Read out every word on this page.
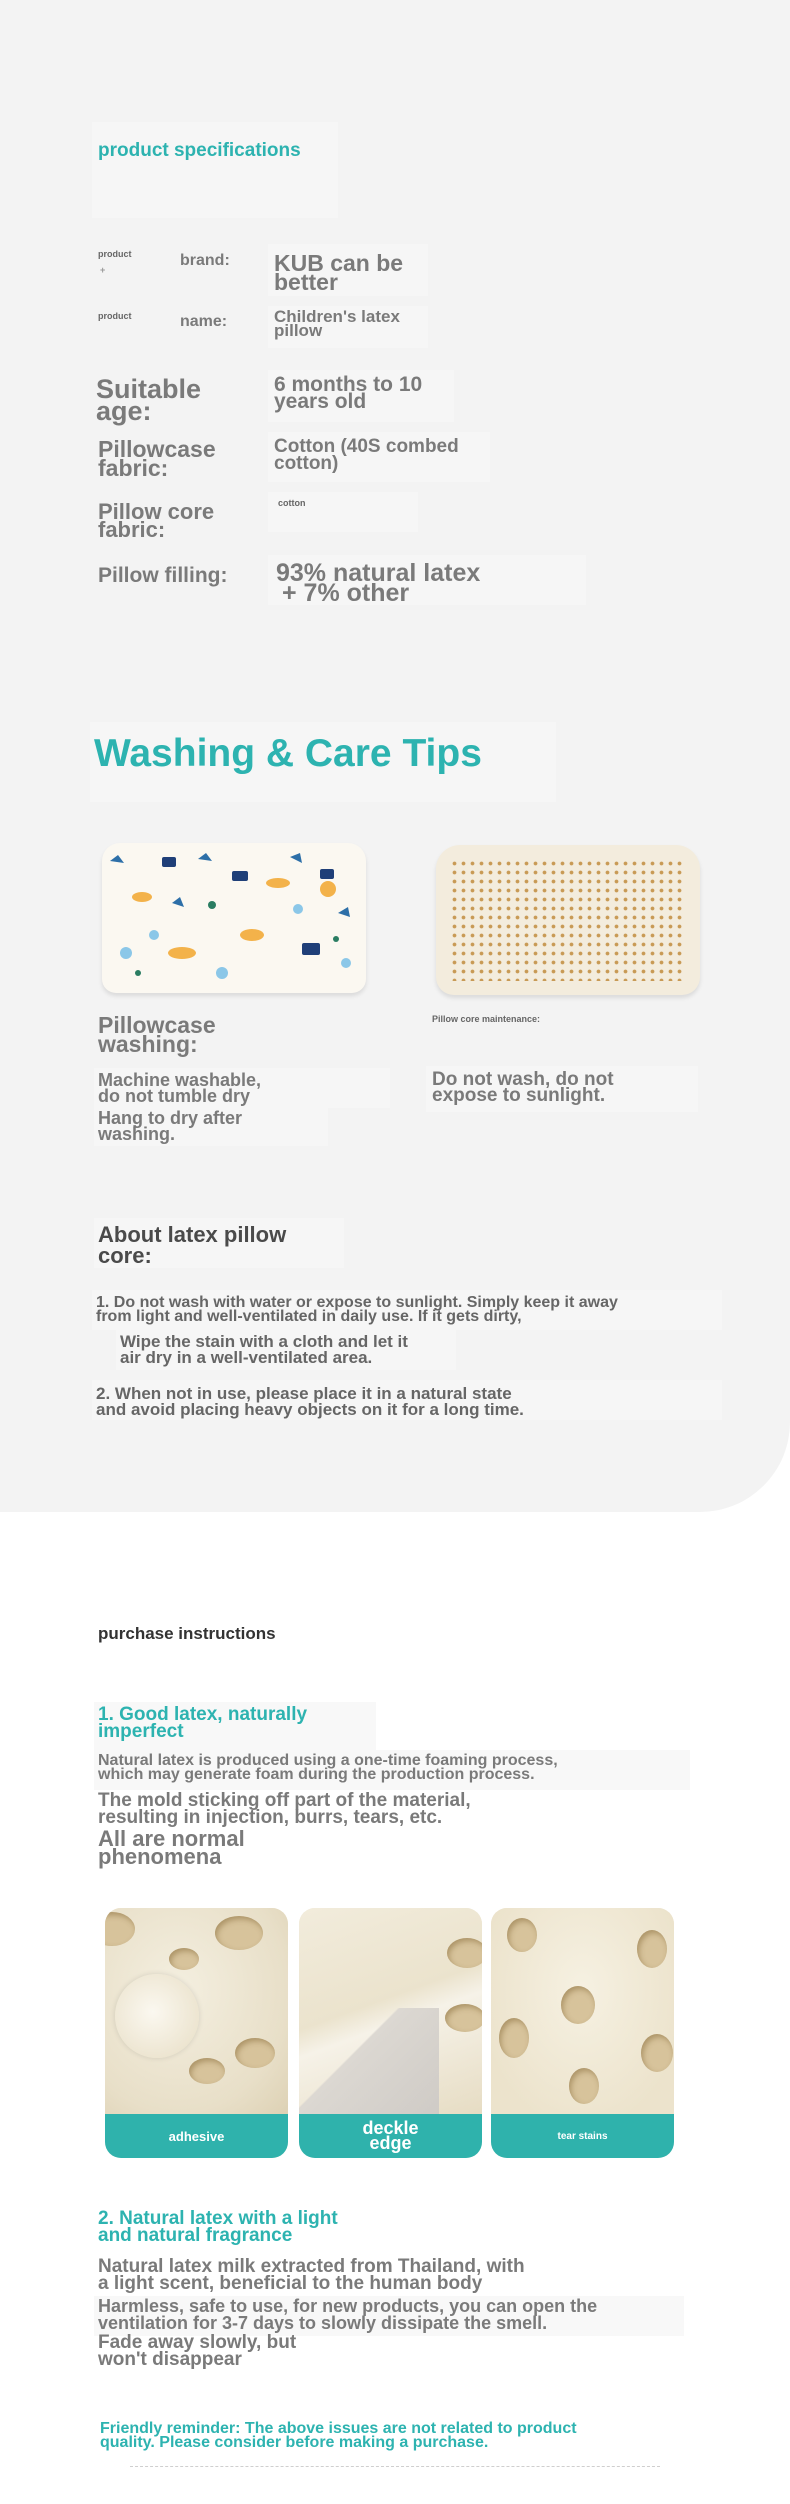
product specifications
product
+
brand: KUB can be
better
product	name:	Children's latex
pillow
Suitable
age:
6 months to 10
years old
Pillowcase
fabric:
Cotton (40S combed
cotton)
Pillow core
fabric:
cotton
Pillow filling: 93% natural latex
+ 7% other
Washing & Care Tips
Pillowcase
washing:
Machine washable,
do not tumble dry
Hang to dry after
washing.
Pillow core maintenance:
Do not wash, do not
expose to sunlight.
About latex pillow
core:
1. Do not wash with water or expose to sunlight. Simply keep it away
from light and well-ventilated in daily use. If it gets dirty,
Wipe the stain with a cloth and let it
air dry in a well-ventilated area.
2. When not in use, please place it in a natural state
and avoid placing heavy objects on it for a long time.
purchase instructions
1. Good latex, naturally
imperfect
Natural latex is produced using a one-time foaming process,
which may generate foam during the production process.
The mold sticking off part of the material,
resulting in injection, burrs, tears, etc.
All are normal
phenomena
adhesive	deckle
edge	tear stains
2. Natural latex with a light
and natural fragrance
Natural latex milk extracted from Thailand, with
a light scent, beneficial to the human body
Harmless, safe to use, for new products, you can open the
ventilation for 3-7 days to slowly dissipate the smell.
Fade away slowly, but
won't disappear
Friendly reminder: The above issues are not related to product
quality. Please consider before making a purchase.
